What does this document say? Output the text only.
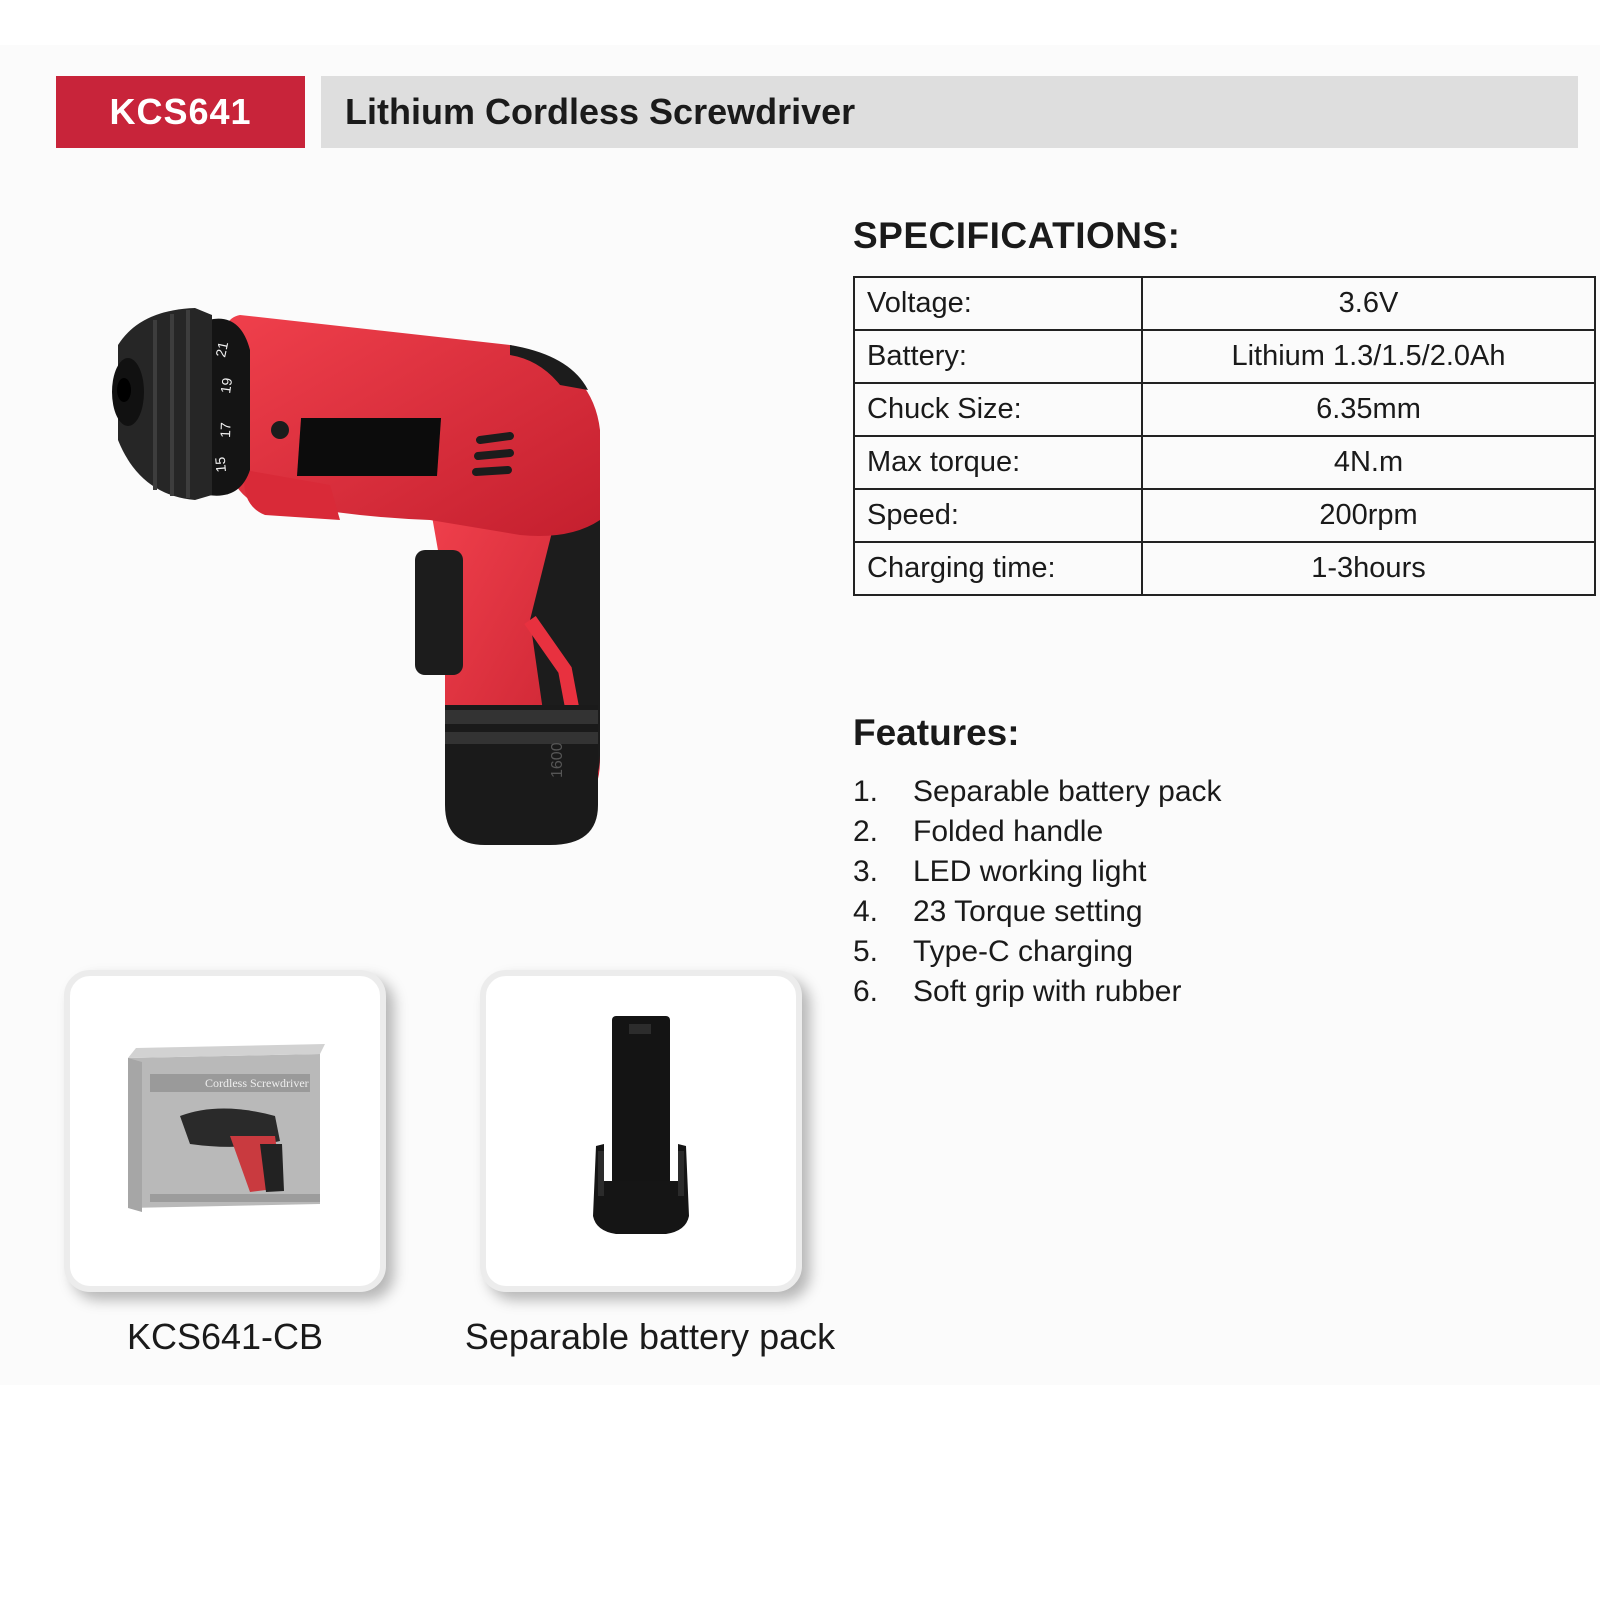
KCS641	Lithium Cordless Screwdriver
1600
21
19
17
15
SPECIFICATIONS:
Voltage:	3.6V
Battery:	Lithium 1.3/1.5/2.0Ah
Chuck Size:	6.35mm
Max torque:	4N.m
Speed:	200rpm
Charging time:	1-3hours
Features:
1.	Separable battery pack
2.	Folded handle
3.	LED working light
4.	23 Torque setting
5.	Type-C charging
6.	Soft grip with rubber
Cordless Screwdriver
KCS641-CB	Separable battery pack
